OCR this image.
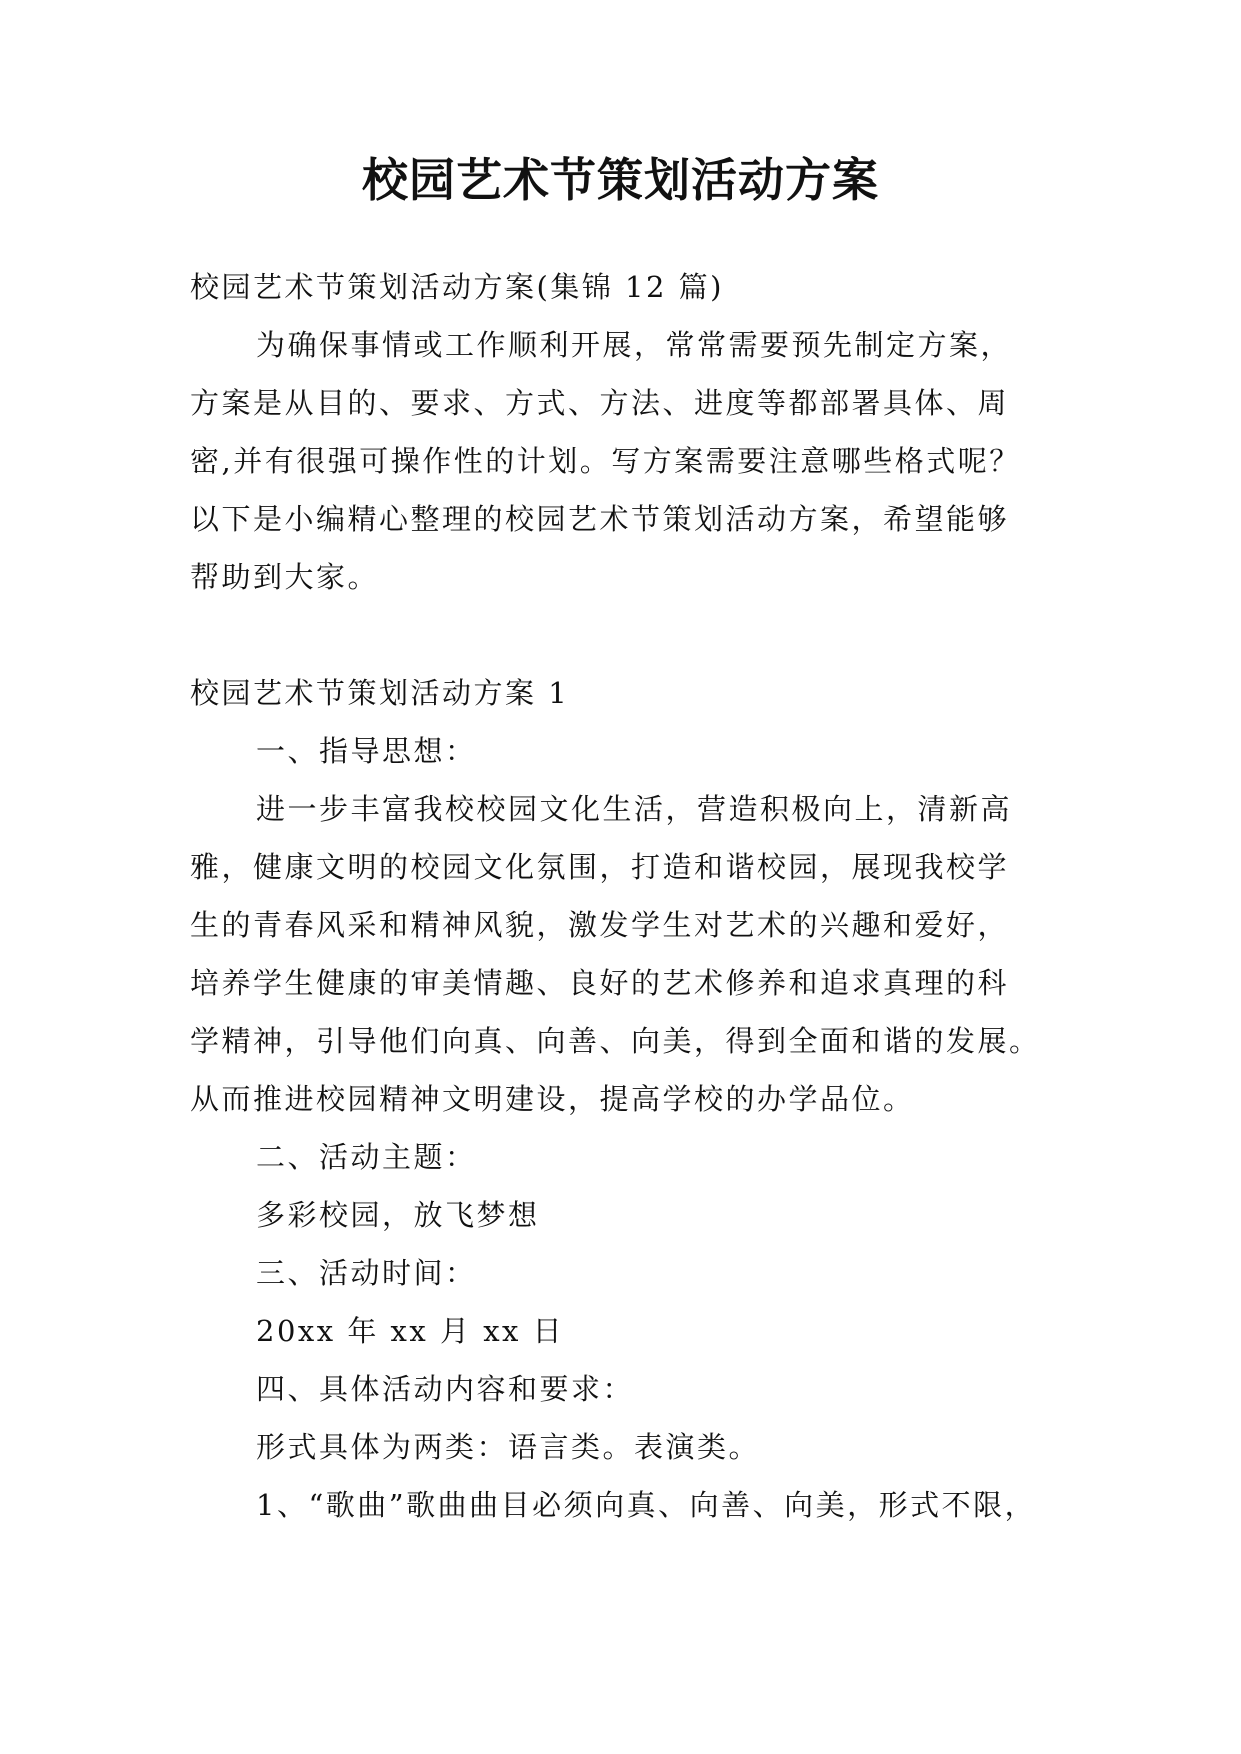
校园艺术节策划活动方案
校园艺术节策划活动方案(集锦 12 篇)
为确保事情或工作顺利开展，常常需要预先制定方案，
方案是从目的、要求、方式、方法、进度等都部署具体、周
密,并有很强可操作性的计划。写方案需要注意哪些格式呢？
以下是小编精心整理的校园艺术节策划活动方案，希望能够
帮助到大家。
校园艺术节策划活动方案 1
一、指导思想：
进一步丰富我校校园文化生活，营造积极向上，清新高
雅，健康文明的校园文化氛围，打造和谐校园，展现我校学
生的青春风采和精神风貌，激发学生对艺术的兴趣和爱好，
培养学生健康的审美情趣、良好的艺术修养和追求真理的科
学精神，引导他们向真、向善、向美，得到全面和谐的发展。
从而推进校园精神文明建设，提高学校的办学品位。
二、活动主题：
多彩校园，放飞梦想
三、活动时间：
20xx 年 xx 月 xx 日
四、具体活动内容和要求：
形式具体为两类：语言类。表演类。
1、“歌曲”歌曲曲目必须向真、向善、向美，形式不限，
